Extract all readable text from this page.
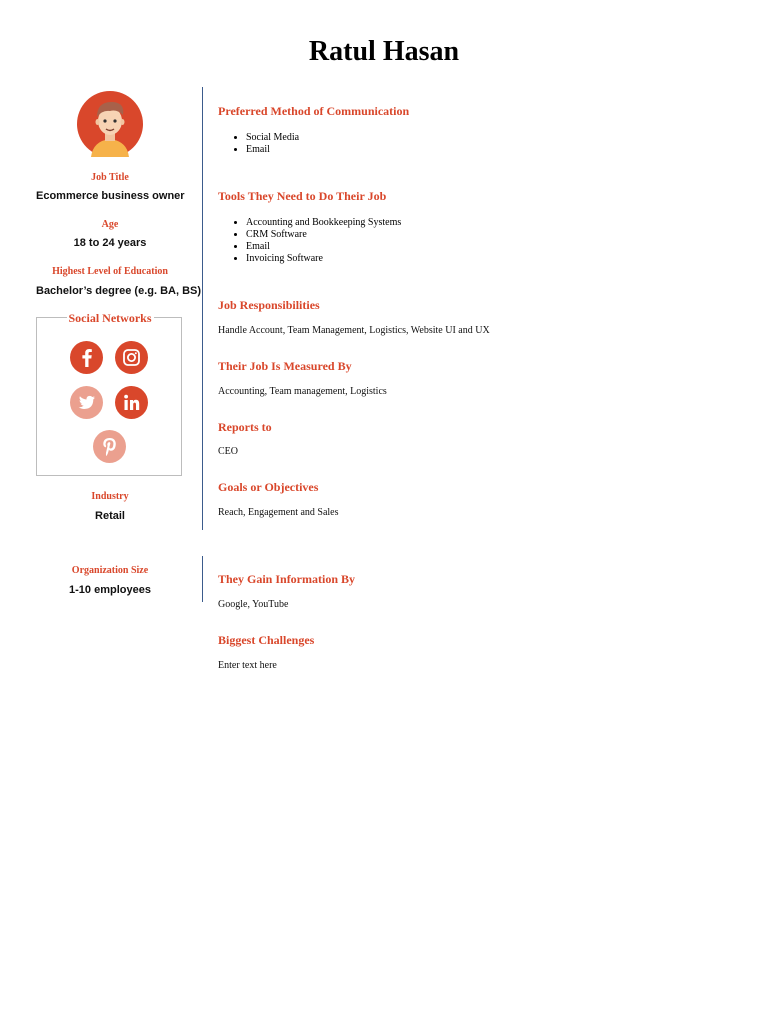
Ratul Hasan
Job Title
Ecommerce business owner
Age
18 to 24 years
Highest Level of Education
Bachelor’s degree (e.g. BA, BS)
Social Networks
Industry
Retail
Organization Size
1-10 employees
Preferred Method of Communication
• Social Media
• Email
Tools They Need to Do Their Job
• Accounting and Bookkeeping Systems
• CRM Software
• Email
• Invoicing Software
Job Responsibilities
Handle Account, Team Management, Logistics, Website UI and UX
Their Job Is Measured By
Accounting, Team management, Logistics
Reports to
CEO
Goals or Objectives
Reach, Engagement and Sales
They Gain Information By
Google, YouTube
Biggest Challenges
Enter text here
